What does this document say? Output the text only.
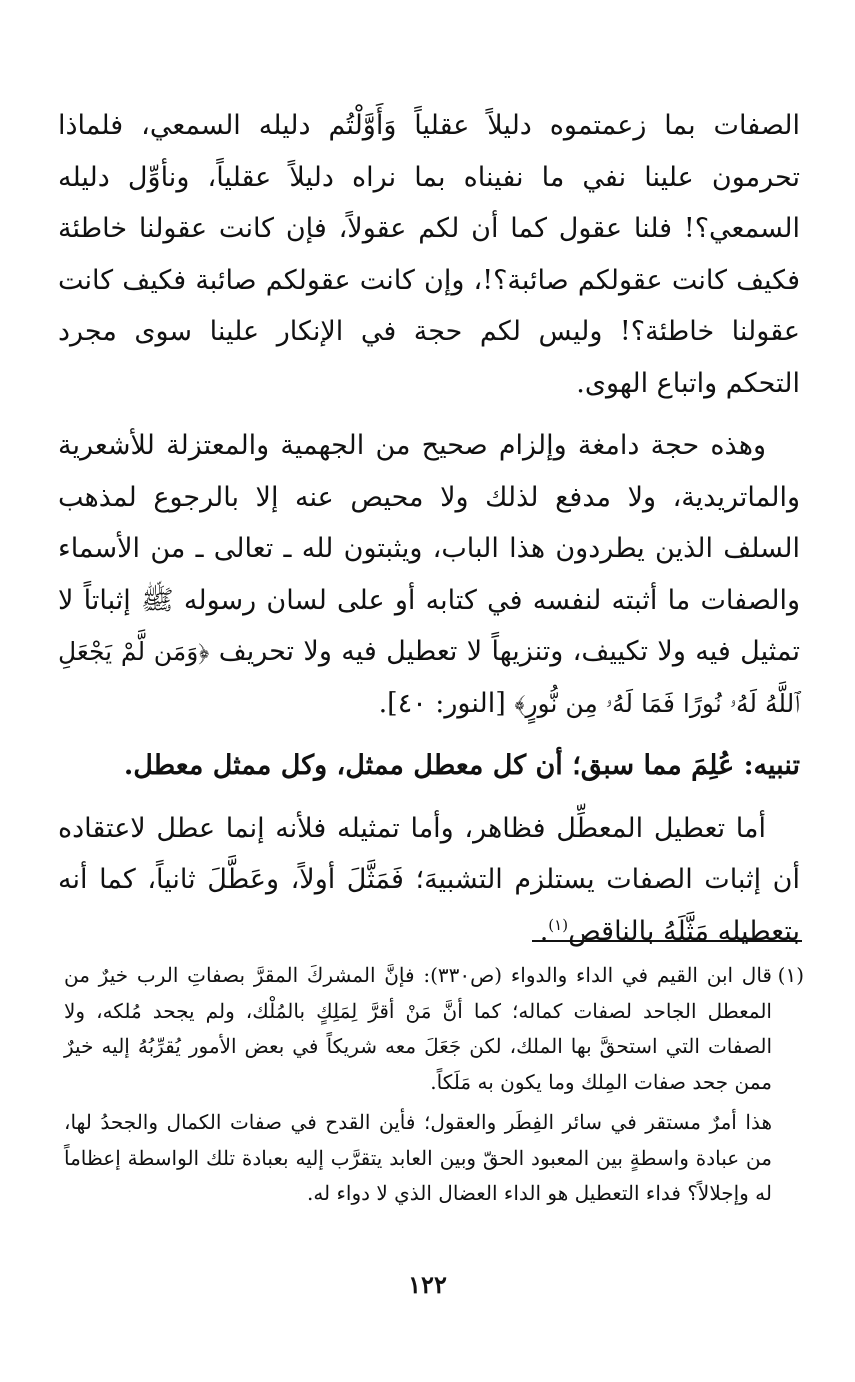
الصفات بما زعمتموه دليلاً عقلياً وَأَوَّلْتُم دليله السمعي، فلماذا تحرمون علينا نفي ما نفيناه بما نراه دليلاً عقلياً، ونأوِّل دليله السمعي؟! فلنا عقول كما أن لكم عقولاً، فإن كانت عقولنا خاطئة فكيف كانت عقولكم صائبة؟!، وإن كانت عقولكم صائبة فكيف كانت عقولنا خاطئة؟! وليس لكم حجة في الإنكار علينا سوى مجرد التحكم واتباع الهوى.

وهذه حجة دامغة وإلزام صحيح من الجهمية والمعتزلة للأشعرية والماتريدية، ولا مدفع لذلك ولا محيص عنه إلا بالرجوع لمذهب السلف الذين يطردون هذا الباب، ويثبتون لله ـ تعالى ـ من الأسماء والصفات ما أثبته لنفسه في كتابه أو على لسان رسوله ﷺ إثباتاً لا تمثيل فيه ولا تكييف، وتنزيهاً لا تعطيل فيه ولا تحريف ﴿وَمَن لَّمْ يَجْعَلِ ٱللَّهُ لَهُۥ نُورًا فَمَا لَهُۥ مِن نُّورٍ﴾ [النور: ٤٠].

تنبيه: عُلِمَ مما سبق؛ أن كل معطل ممثل، وكل ممثل معطل.

أما تعطيل المعطِّل فظاهر، وأما تمثيله فلأنه إنما عطل لاعتقاده أن إثبات الصفات يستلزم التشبيهَ؛ فَمَثَّلَ أولاً، وعَطَّلَ ثانياً، كما أنه بتعطيله مَثَّلَهُ بالناقص$^{(١)}$.

(١)

قال ابن القيم في الداء والدواء (ص٣٣٠): فإنَّ المشركَ المقرَّ بصفاتِ الرب خيرٌ من المعطل الجاحد لصفات كماله؛ كما أنَّ مَنْ أقرَّ لِمَلِكٍ بالمُلْك، ولم يجحد مُلكه، ولا الصفات التي استحقَّ بها الملك، لكن جَعَلَ معه شريكاً في بعض الأمور يُقرِّبُهُ إليه خيرٌ ممن جحد صفات المِلك وما يكون به مَلَكاً.

هذا أمرٌ مستقر في سائر الفِطَر والعقول؛ فأين القدح في صفات الكمال والجحدُ لها، من عبادة واسطةٍ بين المعبود الحقّ وبين العابد يتقرَّب إليه بعبادة تلك الواسطة إعظاماً له وإجلالاً؟ فداء التعطيل هو الداء العضال الذي لا دواء له.

١٢٢
